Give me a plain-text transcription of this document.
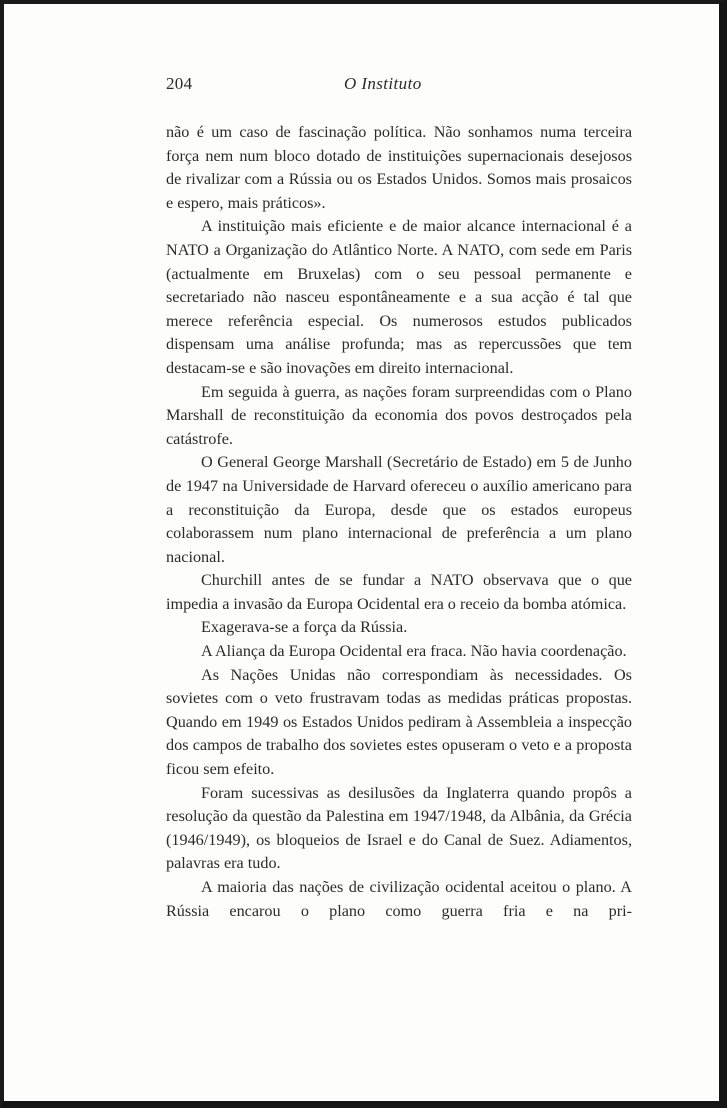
204	O Instituto

não é um caso de fascinação política. Não sonhamos numa terceira força nem num bloco dotado de instituições supernacionais desejosos de rivalizar com a Rússia ou os Estados Unidos. Somos mais prosaicos e espero, mais práticos».

A instituição mais eficiente e de maior alcance internacional é a NATO a Organização do Atlântico Norte. A NATO, com sede em Paris (actualmente em Bruxelas) com o seu pessoal permanente e secretariado não nasceu espontâneamente e a sua acção é tal que merece referência especial. Os numerosos estudos publicados dispensam uma análise profunda; mas as repercussões que tem destacam-se e são inovações em direito internacional.

Em seguida à guerra, as nações foram surpreendidas com o Plano Marshall de reconstituição da economia dos povos destroçados pela catástrofe.

O General George Marshall (Secretário de Estado) em 5 de Junho de 1947 na Universidade de Harvard ofereceu o auxílio americano para a reconstituição da Europa, desde que os estados europeus colaborassem num plano internacional de preferência a um plano nacional.

Churchill antes de se fundar a NATO observava que o que impedia a invasão da Europa Ocidental era o receio da bomba atómica.

Exagerava-se a força da Rússia.

A Aliança da Europa Ocidental era fraca. Não havia coordenação.

As Nações Unidas não correspondiam às necessidades. Os sovietes com o veto frustravam todas as medidas práticas propostas. Quando em 1949 os Estados Unidos pediram à Assembleia a inspecção dos campos de trabalho dos sovietes estes opuseram o veto e a proposta ficou sem efeito.

Foram sucessivas as desilusões da Inglaterra quando propôs a resolução da questão da Palestina em 1947/1948, da Albânia, da Grécia (1946/1949), os bloqueios de Israel e do Canal de Suez. Adiamentos, palavras era tudo.

A maioria das nações de civilização ocidental aceitou o plano. A Rússia encarou o plano como guerra fria e na pri-
